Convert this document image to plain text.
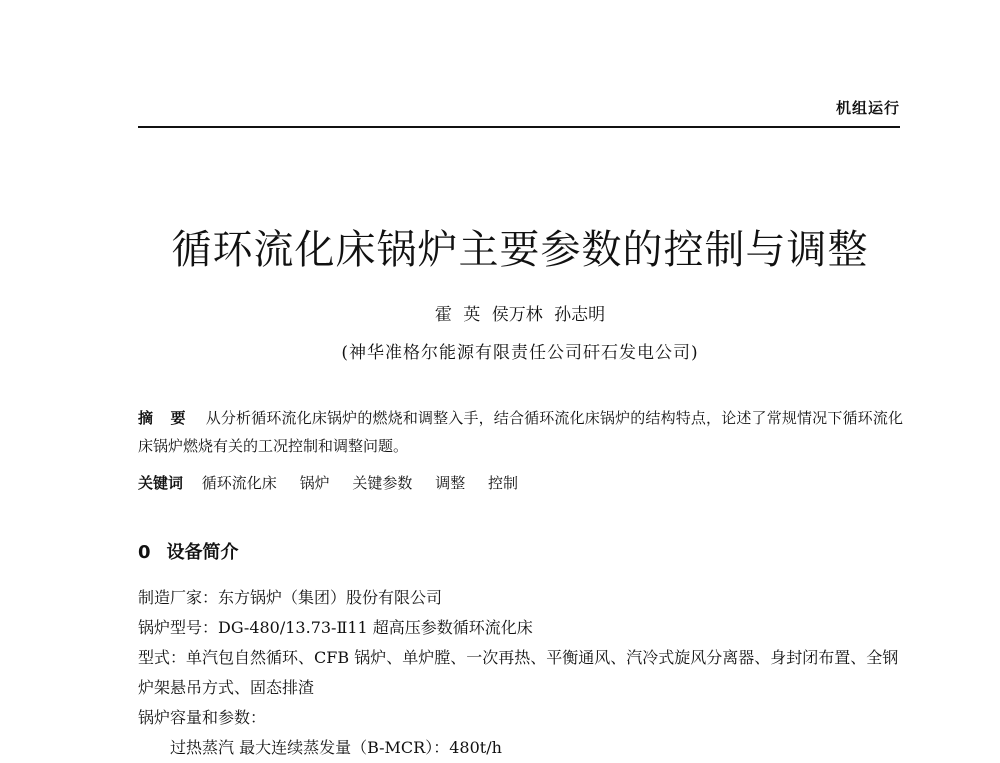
机组运行
循环流化床锅炉主要参数的控制与调整
霍 英 侯万林 孙志明
(神华准格尔能源有限责任公司矸石发电公司)
摘 要 从分析循环流化床锅炉的燃烧和调整入手，结合循环流化床锅炉的结构特点，论述了常规情况下循环流化床锅炉燃烧有关的工况控制和调整问题。
关键词 循环流化床 锅炉 关键参数 调整 控制
0 设备简介

制造厂家：东方锅炉（集团）股份有限公司

锅炉型号：DG-480/13.73-Ⅱ11 超高压参数循环流化床

型式：单汽包自然循环、CFB 锅炉、单炉膛、一次再热、平衡通风、汽冷式旋风分离器、身封闭布置、全钢炉架悬吊方式、固态排渣

锅炉容量和参数：

过热蒸汽 最大连续蒸发量（B-MCR）：480t/h
